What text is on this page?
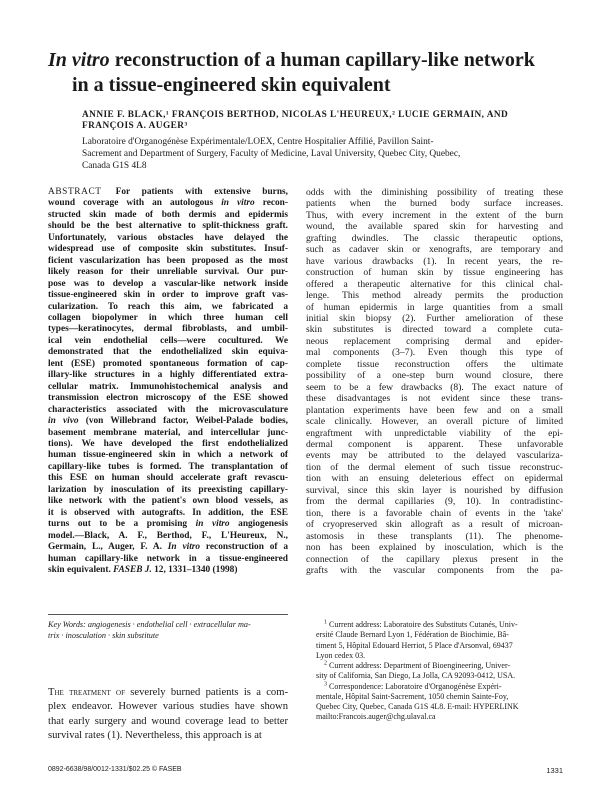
In vitro reconstruction of a human capillary-like network
in a tissue-engineered skin equivalent

ANNIE F. BLACK,¹ FRANÇOIS BERTHOD, NICOLAS L'HEUREUX,² LUCIE GERMAIN, AND
FRANÇOIS A. AUGER³

Laboratoire d'Organogénèse Expérimentale/LOEX, Centre Hospitalier Affilié, Pavillon Saint-
Sacrement and Department of Surgery, Faculty of Medicine, Laval University, Quebec City, Quebec,
Canada G1S 4L8

ABSTRACT For patients with extensive burns,
wound coverage with an autologous in vitro recon-
structed skin made of both dermis and epidermis
should be the best alternative to split-thickness graft.
Unfortunately, various obstacles have delayed the
widespread use of composite skin substitutes. Insuf-
ficient vascularization has been proposed as the most
likely reason for their unreliable survival. Our pur-
pose was to develop a vascular-like network inside
tissue-engineered skin in order to improve graft vas-
cularization. To reach this aim, we fabricated a
collagen biopolymer in which three human cell
types—keratinocytes, dermal fibroblasts, and umbil-
ical vein endothelial cells—were cocultured. We
demonstrated that the endothelialized skin equiva-
lent (ESE) promoted spontaneous formation of cap-
illary-like structures in a highly differentiated extra-
cellular matrix. Immunohistochemical analysis and
transmission electron microscopy of the ESE showed
characteristics associated with the microvasculature
in vivo (von Willebrand factor, Weibel-Palade bodies,
basement membrane material, and intercellular junc-
tions). We have developed the first endothelialized
human tissue-engineered skin in which a network of
capillary-like tubes is formed. The transplantation of
this ESE on human should accelerate graft revascu-
larization by inosculation of its preexisting capillary-
like network with the patient's own blood vessels, as
it is observed with autografts. In addition, the ESE
turns out to be a promising in vitro angiogenesis
model.—Black, A. F., Berthod, F., L'Heureux, N.,
Germain, L., Auger, F. A. In vitro reconstruction of a
human capillary-like network in a tissue-engineered
skin equivalent. FASEB J. 12, 1331–1340 (1998)
odds with the diminishing possibility of treating these
patients when the burned body surface increases.
Thus, with every increment in the extent of the burn
wound, the available spared skin for harvesting and
grafting dwindles. The classic therapeutic options,
such as cadaver skin or xenografts, are temporary and
have various drawbacks (1). In recent years, the re-
construction of human skin by tissue engineering has
offered a therapeutic alternative for this clinical chal-
lenge. This method already permits the production
of human epidermis in large quantities from a small
initial skin biopsy (2). Further amelioration of these
skin substitutes is directed toward a complete cuta-
neous replacement comprising dermal and epider-
mal components (3–7). Even though this type of
complete tissue reconstruction offers the ultimate
possibility of a one-step burn wound closure, there
seem to be a few drawbacks (8). The exact nature of
these disadvantages is not evident since these trans-
plantation experiments have been few and on a small
scale clinically. However, an overall picture of limited
engraftment with unpredictable viability of the epi-
dermal component is apparent. These unfavorable
events may be attributed to the delayed vasculariza-
tion of the dermal element of such tissue reconstruc-
tion with an ensuing deleterious effect on epidermal
survival, since this skin layer is nourished by diffusion
from the dermal capillaries (9, 10). In contradistinc-
tion, there is a favorable chain of events in the 'take'
of cryopreserved skin allograft as a result of microan-
astomosis in these transplants (11). The phenome-
non has been explained by inosculation, which is the
connection of the capillary plexus present in the
grafts with the vascular components from the pa-
Key Words: angiogenesis · endothelial cell · extracellular ma-
trix · inosculation · skin substitute
The treatment of severely burned patients is a com-
plex endeavor. However various studies have shown
that early surgery and wound coverage lead to better
survival rates (1). Nevertheless, this approach is at
$^1$ Current address: Laboratoire des Substituts Cutanés, Univ-
ersité Claude Bernard Lyon 1, Fédération de Biochimie, Bâ-
timent 5, Hôpital Edouard Herriot, 5 Place d'Arsonval, 69437
Lyon cedex 03.
$^2$ Current address: Department of Bioengineering, Univer-
sity of California, San Diego, La Jolla, CA 92093-0412, USA.
$^3$ Correspondence: Laboratoire d'Organogénèse Expéri-
mentale, Hôpital Saint-Sacrement, 1050 chemin Sainte-Foy,
Quebec City, Quebec, Canada G1S 4L8. E-mail: HYPERLINK
mailto:Francois.auger@chg.ulaval.ca
0892-6638/98/0012-1331/$02.25 © FASEB	1331
